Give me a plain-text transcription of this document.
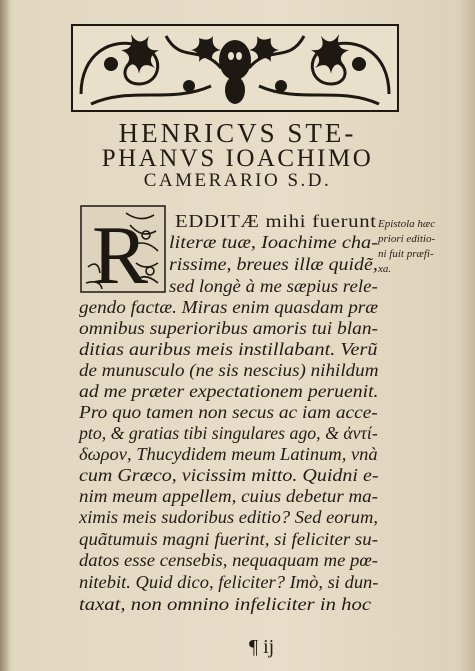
HENRICVS STE-
PHANVS IOACHIMO
CAMERARIO S.D.
R	Epistola hæc
priori editio-
ni fuit præfi-
xa.
EDDITÆ mihi fuerunt
literæ tuæ, Ioachime cha-
rissime, breues illæ quidẽ,
sed longè à me sæpius rele-
gendo factæ. Miras enim quasdam præ
omnibus superioribus amoris tui blan-
ditias auribus meis instillabant. Verũ
de munusculo (ne sis nescius) nihildum
ad me præter expectationem peruenit.
Pro quo tamen non secus ac iam acce-
pto, & gratias tibi singulares ago, & ἀντί-
δωρον, Thucydidem meum Latinum, vnà
cum Græco, vicissim mitto. Quidni e-
nim meum appellem, cuius debetur ma-
ximis meis sudoribus editio? Sed eorum,
quãtumuis magni fuerint, si feliciter su-
datos esse censebis, nequaquam me pœ-
nitebit. Quid dico, feliciter? Imò, si dun-
taxat, non omnino infeliciter in hoc
¶ ij
